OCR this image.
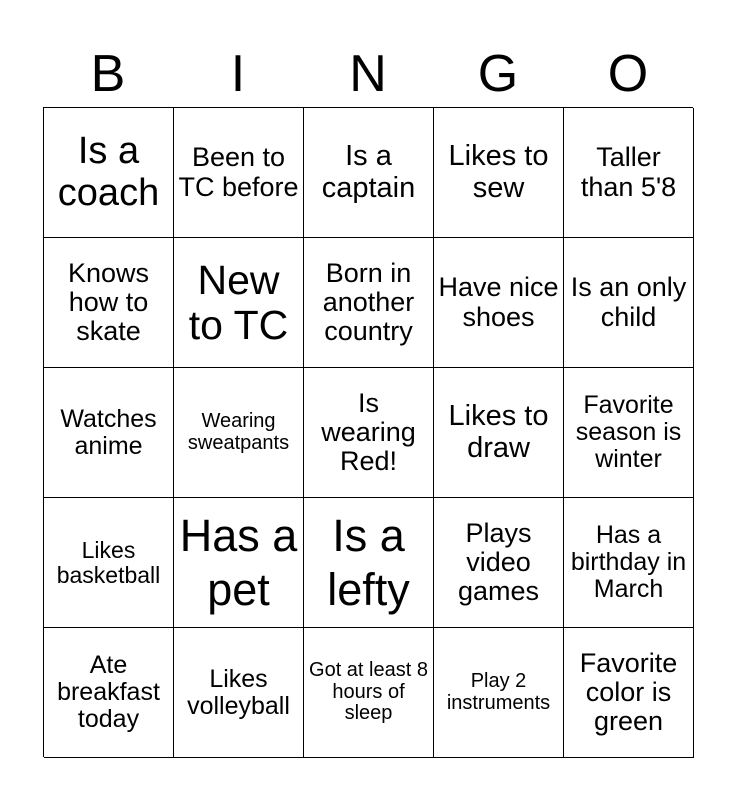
B	I	N	G	O
Is a coach
Been to TC before
Is a captain
Likes to sew
Taller than 5'8
Knows how to skate
New to TC
Born in another country
Have nice shoes
Is an only child
Watches anime
Wearing sweatpants
Is wearing Red!
Likes to draw
Favorite season is winter
Likes basketball
Has a pet
Is a lefty
Plays video games
Has a birthday in March
Ate breakfast today
Likes volleyball
Got at least 8 hours of sleep
Play 2 instruments
Favorite color is green
